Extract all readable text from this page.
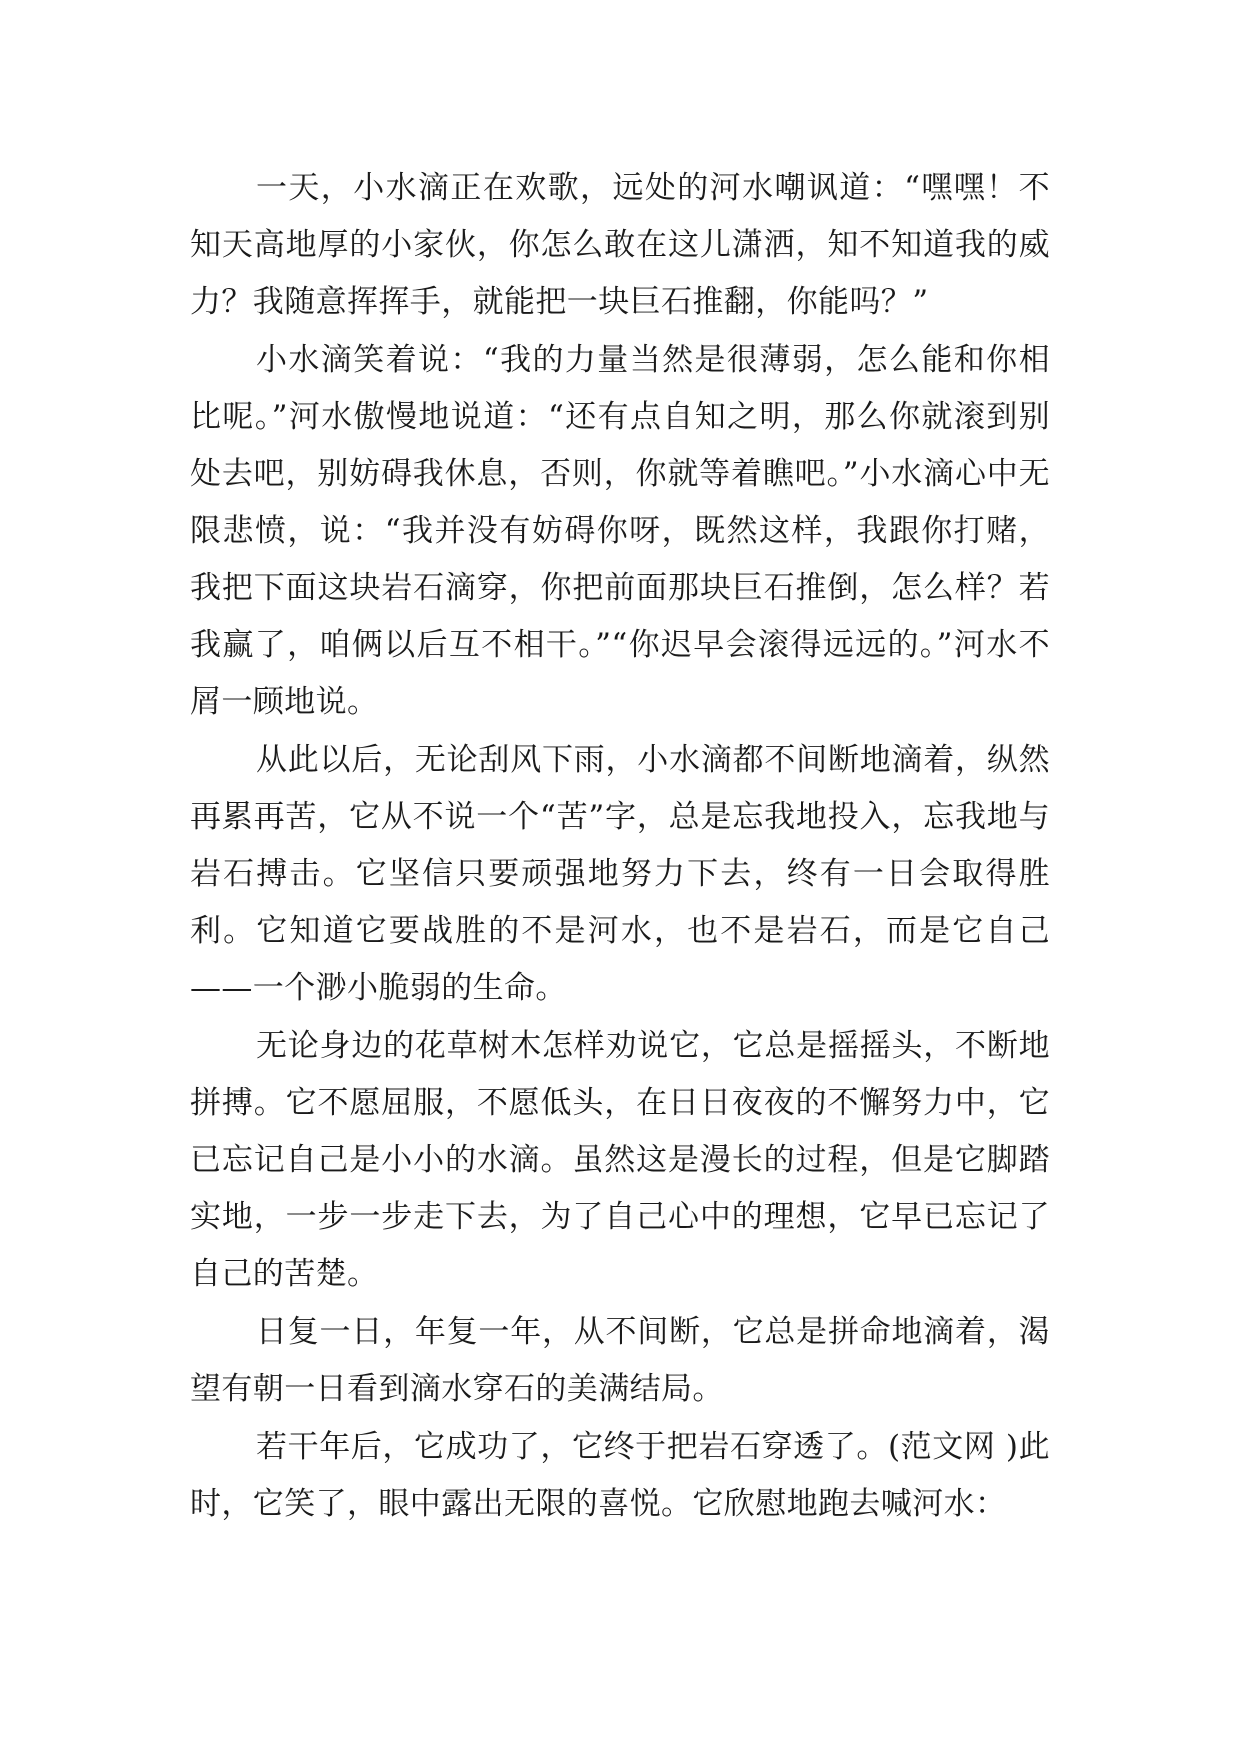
一天，小水滴正在欢歌，远处的河水嘲讽道：“嘿嘿！不知天高地厚的小家伙，你怎么敢在这儿潇洒，知不知道我的威力？我随意挥挥手，就能把一块巨石推翻，你能吗？”

小水滴笑着说：“我的力量当然是很薄弱，怎么能和你相比呢。”河水傲慢地说道：“还有点自知之明，那么你就滚到别处去吧，别妨碍我休息，否则，你就等着瞧吧。”小水滴心中无限悲愤，说：“我并没有妨碍你呀，既然这样，我跟你打赌，我把下面这块岩石滴穿，你把前面那块巨石推倒，怎么样？若我赢了，咱俩以后互不相干。”“你迟早会滚得远远的。”河水不屑一顾地说。

从此以后，无论刮风下雨，小水滴都不间断地滴着，纵然再累再苦，它从不说一个“苦”字，总是忘我地投入，忘我地与岩石搏击。它坚信只要顽强地努力下去，终有一日会取得胜利。它知道它要战胜的不是河水，也不是岩石，而是它自己——一个渺小脆弱的生命。

无论身边的花草树木怎样劝说它，它总是摇摇头，不断地拼搏。它不愿屈服，不愿低头，在日日夜夜的不懈努力中，它已忘记自己是小小的水滴。虽然这是漫长的过程，但是它脚踏实地，一步一步走下去，为了自己心中的理想，它早已忘记了自己的苦楚。

日复一日，年复一年，从不间断，它总是拼命地滴着，渴望有朝一日看到滴水穿石的美满结局。

若干年后，它成功了，它终于把岩石穿透了。(范文网 )此时，它笑了，眼中露出无限的喜悦。它欣慰地跑去喊河水：
